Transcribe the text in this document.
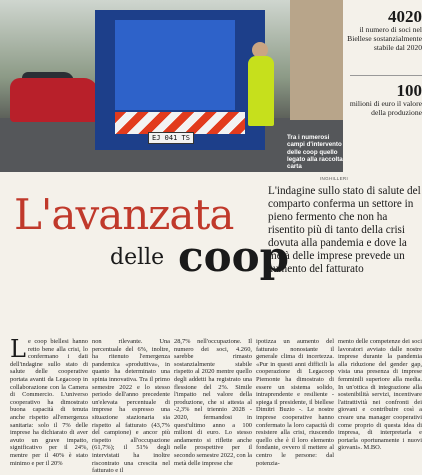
EJ 041 TS	Tra i numerosi campi d'intervento delle coop quello legato alla raccolta carta
INGHILLERI
4020
il numero di soci nel Biellese sostanzialmente stabile dal 2020
100
milioni di euro il valore della produzione
L'avanzata
delle coop
L'indagine sullo stato di salute del comparto conferma un settore in pieno fermento che non ha risentito più di tanto della crisi dovuta alla pandemia e dove la metà delle imprese prevede un aumento del fatturato
Le coop biellesi hanno retto bene alla crisi, lo confermano i dati dell'indagine sullo stato di salute delle cooperative portata avanti da Legacoop in collaborazione con la Camera di Commercio. L'universo cooperativo ha dimostrato buona capacità di tenuta anche rispetto all'emergenza sanitaria: solo il 7% delle imprese ha dichiarato di aver avuto un grave impatto, significativo per il 24%, mentre per il 40% è stato minimo e per il 20%
non rilevante. Una percentuale del 6%, inoltre, ha ritenuto l'emergenza pandemica «produttiva», in quanto ha determinato una spinta innovativa. Tra il primo semestre 2022 e lo stesso periodo dell'anno precedente un'elevata percentuale di imprese ha espresso una situazione stazionaria sia rispetto al fatturato (43,7% del campione) e ancor più rispetto all'occupazione (61,7%); il 51% degli intervistati ha inoltre riscontrato una crescita nel fatturato e il
28,7% nell'occupazione. Il numero dei soci, 4.260, sarebbe rimasto sostanzialmente stabile rispetto al 2020 mentre quello degli addetti ha registrato una flessione del 2%. Simile l'impatto nel valore della produzione, che si attesta al -2,3% nel triennio 2028 - 2020, fermandosi in quest'ultimo anno a 100 milioni di euro. Lo stesso andamento si riflette anche nelle prospettive per il secondo semestre 2022, con la metà delle imprese che
ipotizza un aumento del fatturato nonostante il generale clima di incertezza. «Pur in questi anni difficili la cooperazione di Legacoop Piemonte ha dimostrato di essere un sistema solido, intraprendente e resiliente - spiega il presidente, il biellese Dimitri Buzio -. Le nostre imprese cooperative hanno confermato la loro capacità di resistere alla crisi, riuscendo quello che è il loro elemento fondante, ovvero il mettere al centro le persone: dal potenzia-
mento delle competenze dei soci lavoratori avviato dalle nostre imprese durante la pandemia alla riduzione del gender gap, vista una presenza di imprese femminili superiore alla media. In un'ottica di integrazione alla sostenibilità servizi, incentivare l'attrattività nei confronti dei giovani e contribuire così a creare una manager cooperativi come proprio di questa idea di impresa, di interpretarla e portarla oportunamente i nuovi giovani». M.BO.
